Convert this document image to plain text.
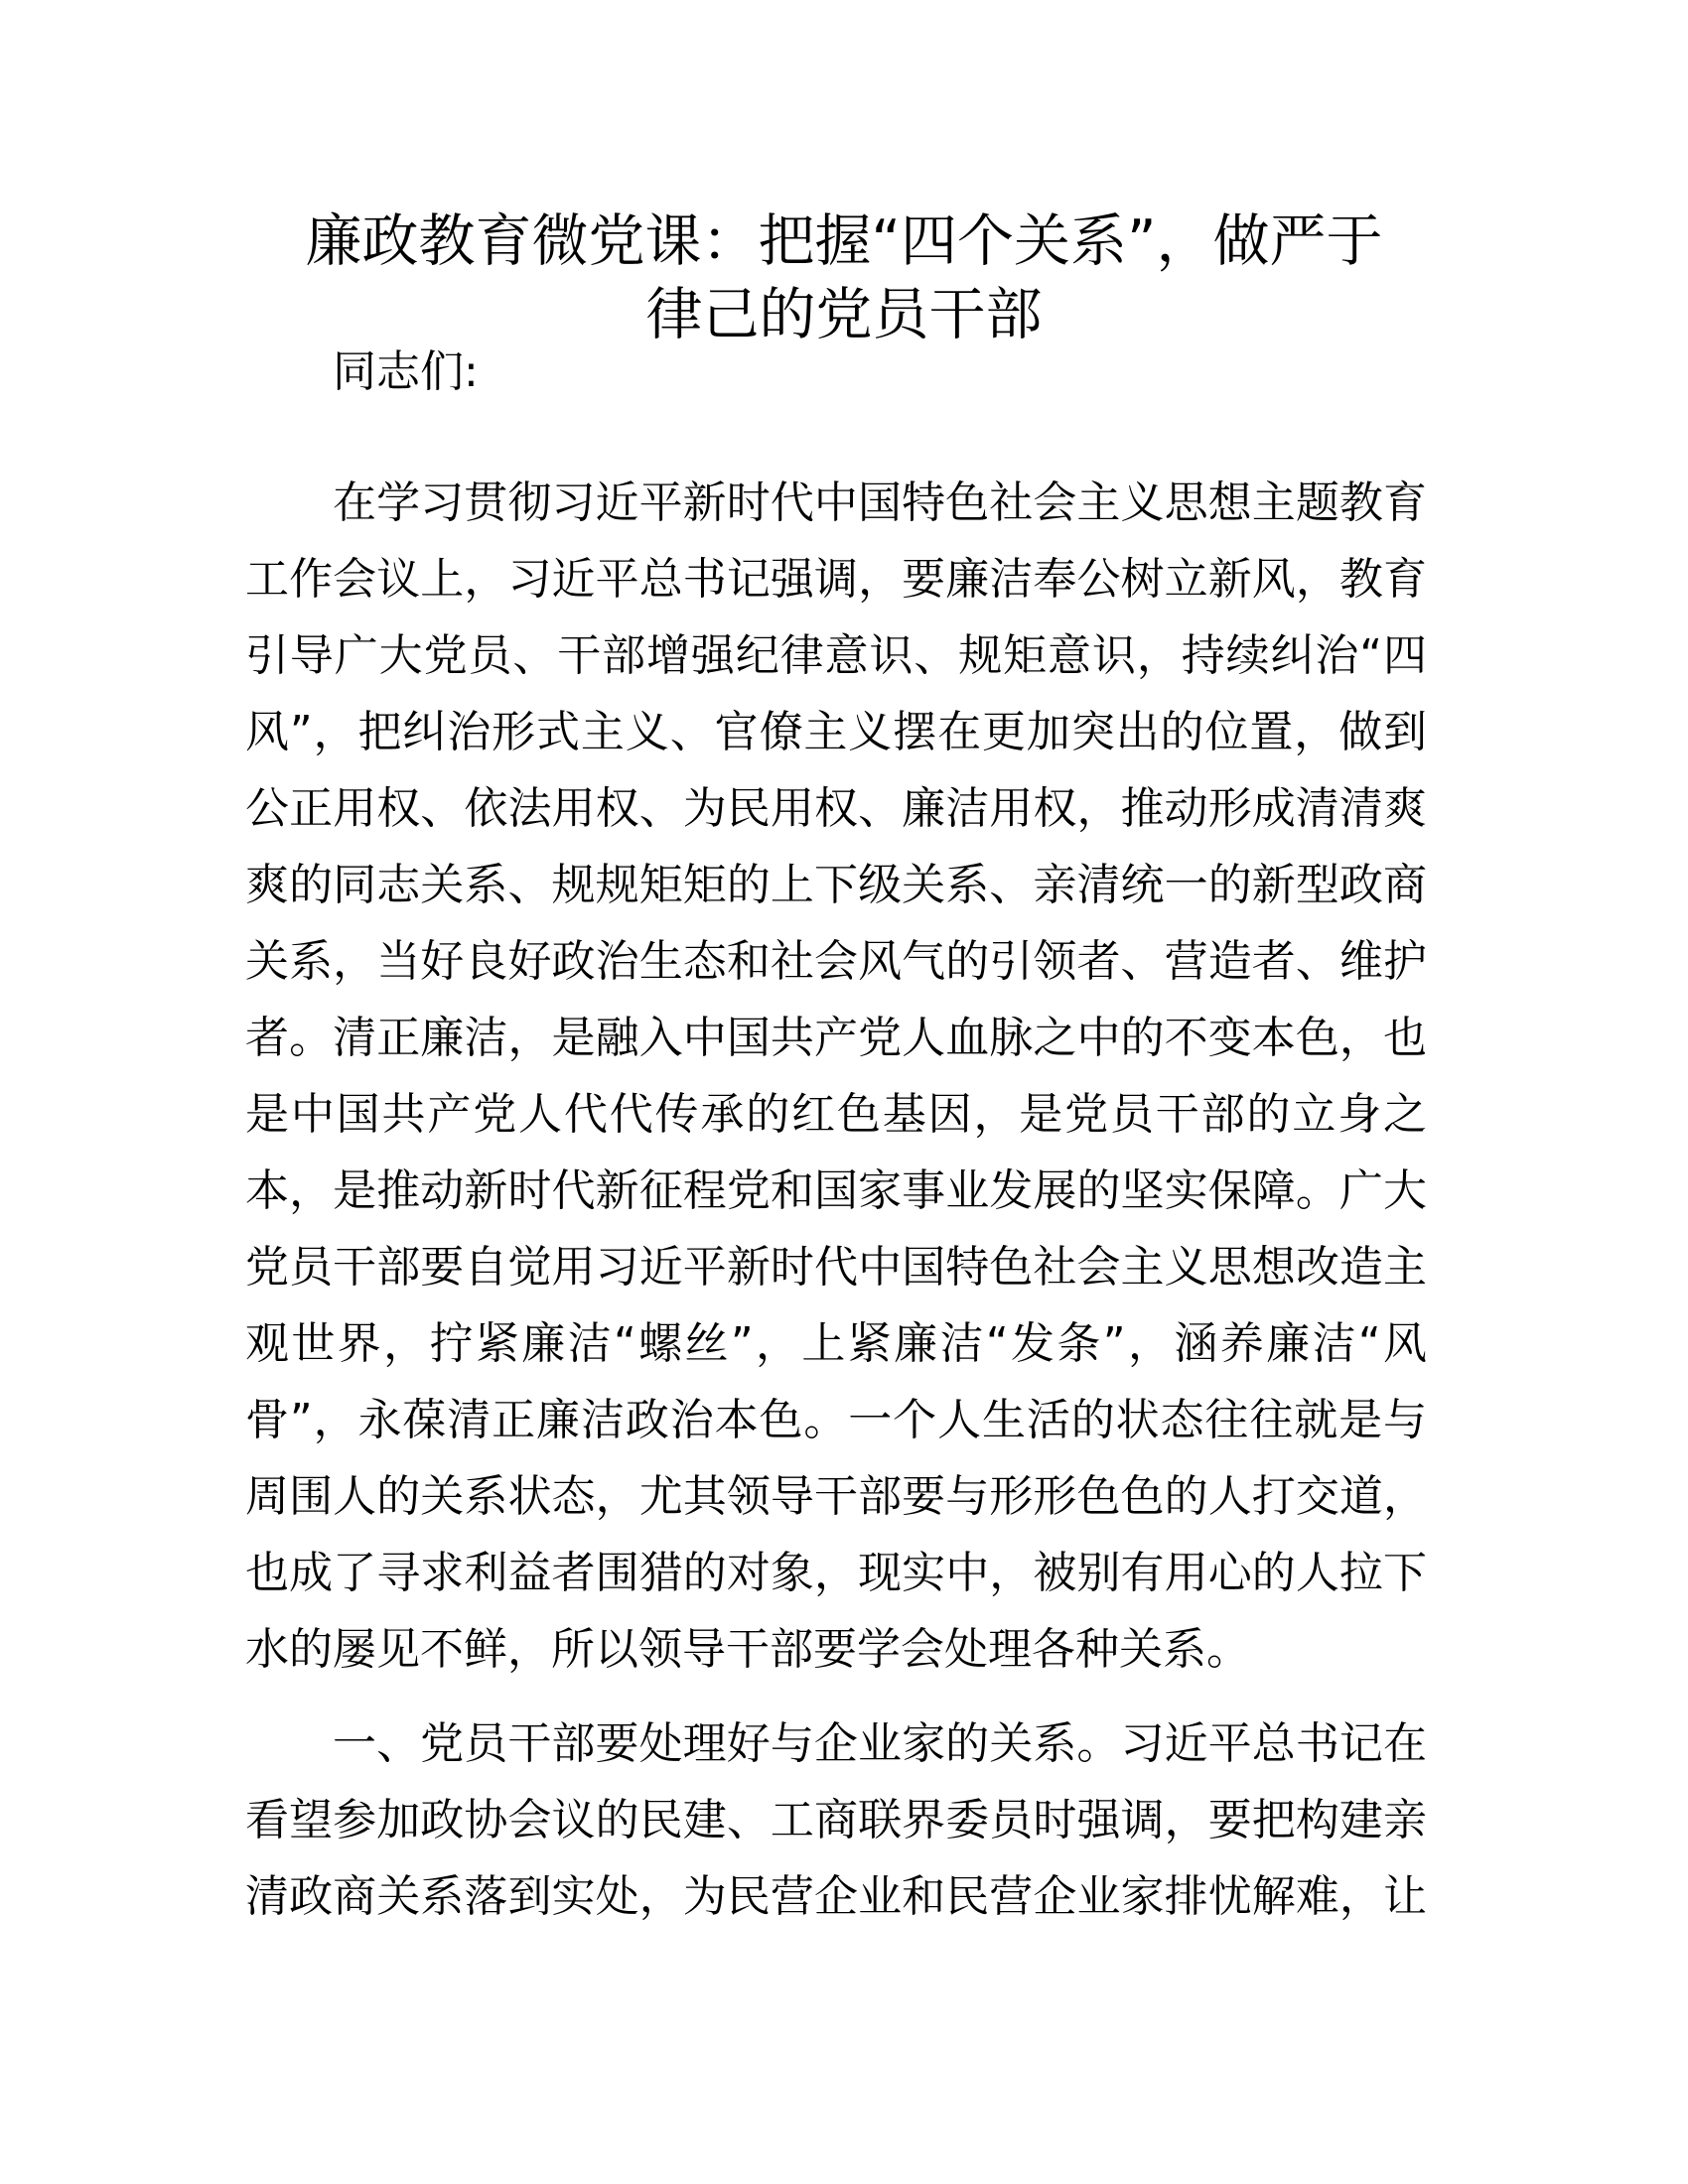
廉政教育微党课：把握“四个关系”，做严于
律己的党员干部
同志们:
在学习贯彻习近平新时代中国特色社会主义思想主题教育
工作会议上，习近平总书记强调，要廉洁奉公树立新风，教育
引导广大党员、干部增强纪律意识、规矩意识，持续纠治“四
风”，把纠治形式主义、官僚主义摆在更加突出的位置，做到
公正用权、依法用权、为民用权、廉洁用权，推动形成清清爽
爽的同志关系、规规矩矩的上下级关系、亲清统一的新型政商
关系，当好良好政治生态和社会风气的引领者、营造者、维护
者。清正廉洁，是融入中国共产党人血脉之中的不变本色，也
是中国共产党人代代传承的红色基因，是党员干部的立身之
本，是推动新时代新征程党和国家事业发展的坚实保障。广大
党员干部要自觉用习近平新时代中国特色社会主义思想改造主
观世界，拧紧廉洁“螺丝”，上紧廉洁“发条”，涵养廉洁“风
骨”，永葆清正廉洁政治本色。一个人生活的状态往往就是与
周围人的关系状态，尤其领导干部要与形形色色的人打交道，
也成了寻求利益者围猎的对象，现实中，被别有用心的人拉下
水的屡见不鲜，所以领导干部要学会处理各种关系。
一、党员干部要处理好与企业家的关系。习近平总书记在
看望参加政协会议的民建、工商联界委员时强调，要把构建亲
清政商关系落到实处，为民营企业和民营企业家排忧解难，让
